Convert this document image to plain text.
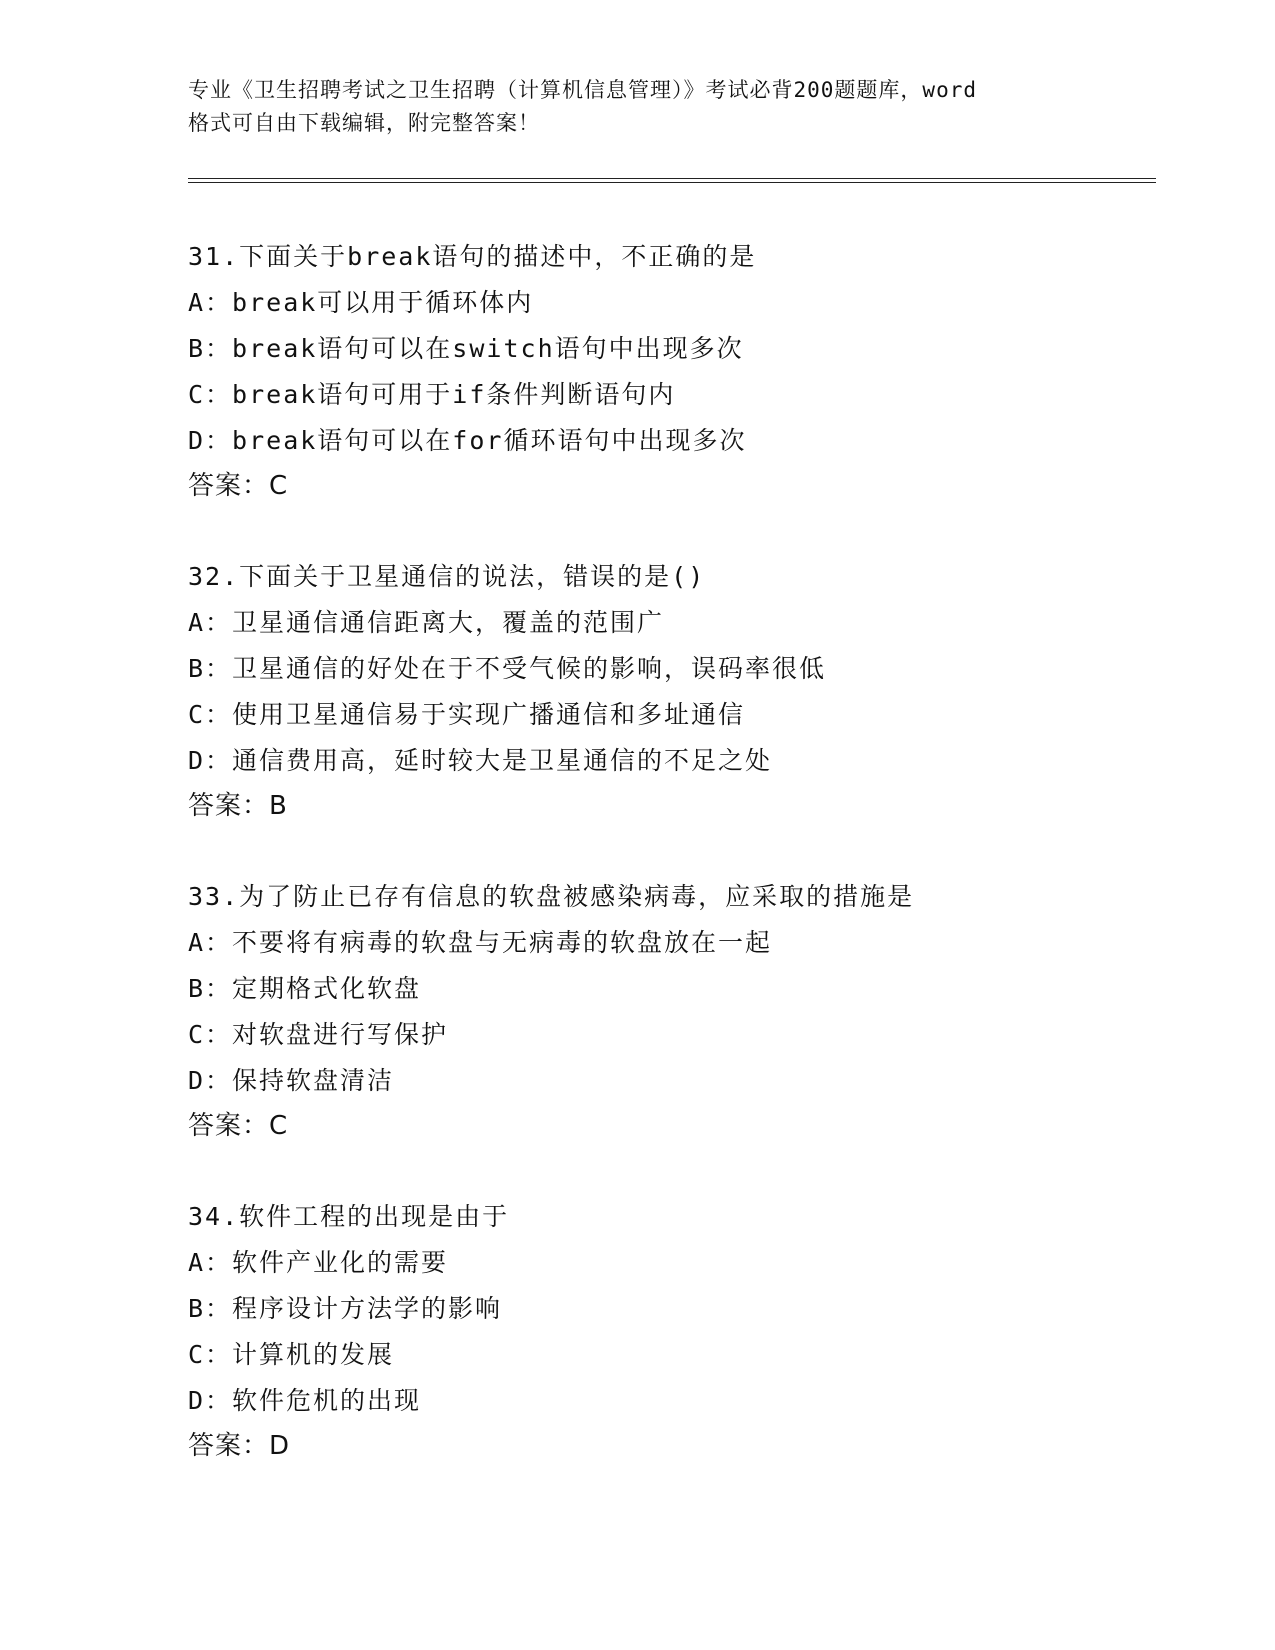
专业《卫生招聘考试之卫生招聘（计算机信息管理）》考试必背200题题库，word
格式可自由下载编辑，附完整答案！
31.下面关于break语句的描述中，不正确的是
A：break可以用于循环体内
B：break语句可以在switch语句中出现多次
C：break语句可用于if条件判断语句内
D：break语句可以在for循环语句中出现多次
答案：C
32.下面关于卫星通信的说法，错误的是()
A：卫星通信通信距离大，覆盖的范围广
B：卫星通信的好处在于不受气候的影响，误码率很低
C：使用卫星通信易于实现广播通信和多址通信
D：通信费用高，延时较大是卫星通信的不足之处
答案：B
33.为了防止已存有信息的软盘被感染病毒，应采取的措施是
A：不要将有病毒的软盘与无病毒的软盘放在一起
B：定期格式化软盘
C：对软盘进行写保护
D：保持软盘清洁
答案：C
34.软件工程的出现是由于
A：软件产业化的需要
B：程序设计方法学的影响
C：计算机的发展
D：软件危机的出现
答案：D
